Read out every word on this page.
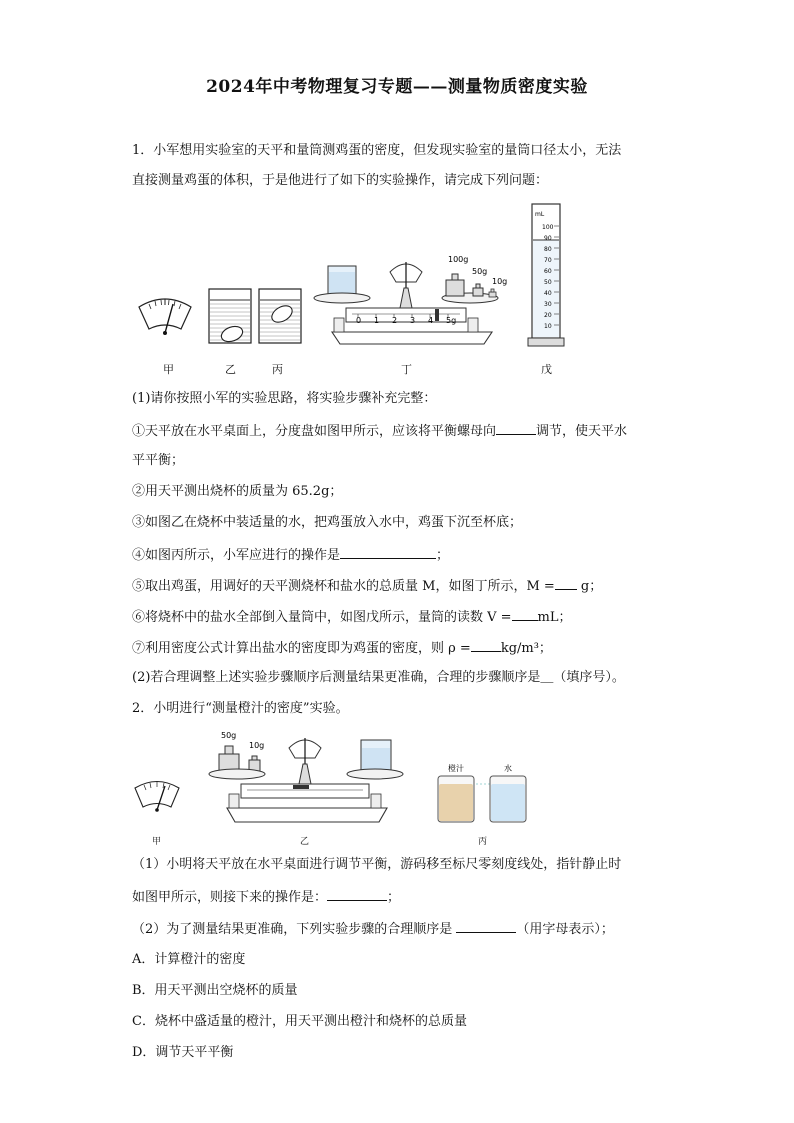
2024年中考物理复习专题——测量物质密度实验
1．小军想用实验室的天平和量筒测鸡蛋的密度，但发现实验室的量筒口径太小，无法
直接测量鸡蛋的体积，于是他进行了如下的实验操作，请完成下列问题：
100g
50g
10g
0 1 2 3 4 5g
mL
100
90
80
70
60
50
40
30
20
10
甲	乙	丙	丁	戊
(1)请你按照小军的实验思路，将实验步骤补充完整：
①天平放在水平桌面上，分度盘如图甲所示，应该将平衡螺母向	调节，使天平水
平平衡；
②用天平测出烧杯的质量为 65.2g；
③如图乙在烧杯中装适量的水，把鸡蛋放入水中，鸡蛋下沉至杯底；
④如图丙所示，小军应进行的操作是	；
⑤取出鸡蛋，用调好的天平测烧杯和盐水的总质量 M，如图丁所示，M = g；
⑥将烧杯中的盐水全部倒入量筒中，如图戊所示，量筒的读数 V = mL；
⑦利用密度公式计算出盐水的密度即为鸡蛋的密度，则 ρ = kg/m³；
(2)若合理调整上述实验步骤顺序后测量结果更准确，合理的步骤顺序是＿（填序号）。
2．小明进行“测量橙汁的密度”实验。
50g
10g
橙汁	水
甲	乙	丙
（1）小明将天平放在水平桌面进行调节平衡，游码移至标尺零刻度线处，指针静止时
如图甲所示，则接下来的操作是：	；
（2）为了测量结果更准确，下列实验步骤的合理顺序是	（用字母表示）；
A．计算橙汁的密度
B．用天平测出空烧杯的质量
C．烧杯中盛适量的橙汁，用天平测出橙汁和烧杯的总质量
D．调节天平平衡
